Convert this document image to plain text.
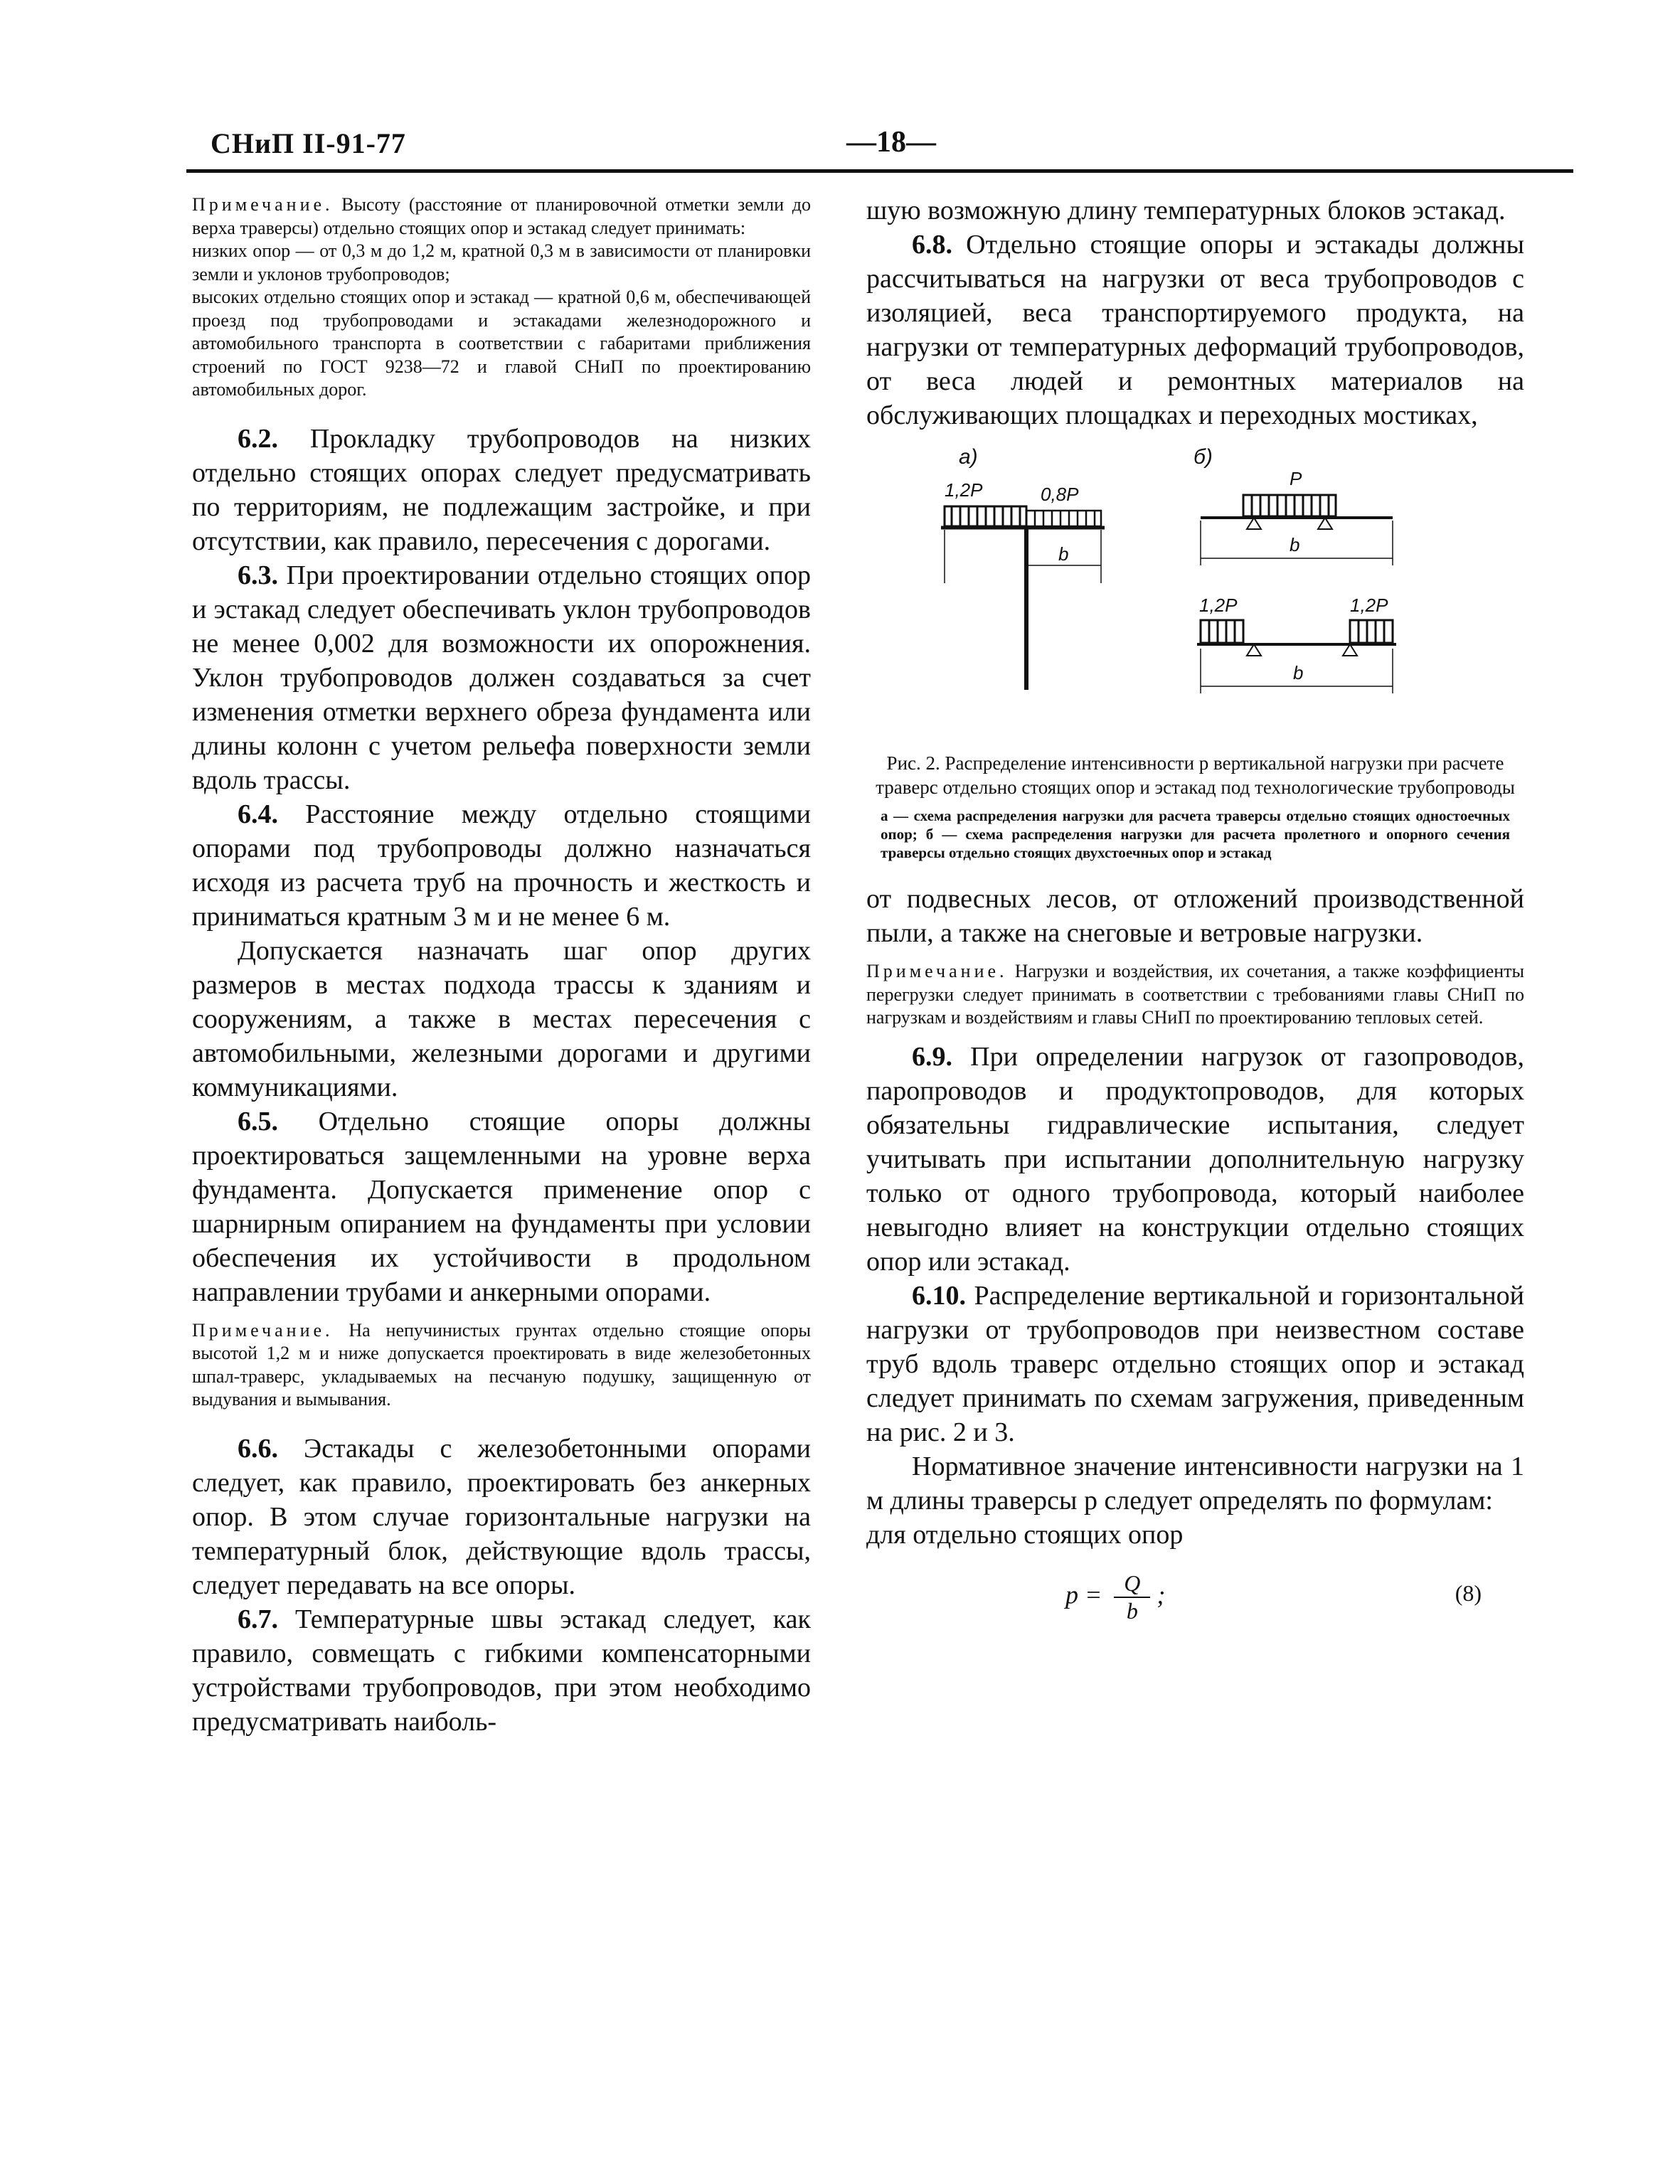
СНиП II-91-77	—18—

Примечание. Высоту (расстояние от планировочной отметки земли до верха траверсы) отдельно стоящих опор и эстакад следует принимать:
низких опор — от 0,3 м до 1,2 м, кратной 0,3 м в зависимости от планировки земли и уклонов трубопроводов;
высоких отдельно стоящих опор и эстакад — кратной 0,6 м, обеспечивающей проезд под трубопроводами и эстакадами железнодорожного и автомобильного транспорта в соответствии с габаритами приближения строений по ГОСТ 9238—72 и главой СНиП по проектированию автомобильных дорог.

6.2. Прокладку трубопроводов на низких отдельно стоящих опорах следует предусматривать по территориям, не подлежащим застройке, и при отсутствии, как правило, пересечения с дорогами.

6.3. При проектировании отдельно стоящих опор и эстакад следует обеспечивать уклон трубопроводов не менее 0,002 для возможности их опорожнения. Уклон трубопроводов должен создаваться за счет изменения отметки верхнего обреза фундамента или длины колонн с учетом рельефа поверхности земли вдоль трассы.

6.4. Расстояние между отдельно стоящими опорами под трубопроводы должно назначаться исходя из расчета труб на прочность и жесткость и приниматься кратным 3 м и не менее 6 м.

Допускается назначать шаг опор других размеров в местах подхода трассы к зданиям и сооружениям, а также в местах пересечения с автомобильными, железными дорогами и другими коммуникациями.

6.5. Отдельно стоящие опоры должны проектироваться защемленными на уровне верха фундамента. Допускается применение опор с шарнирным опиранием на фундаменты при условии обеспечения их устойчивости в продольном направлении трубами и анкерными опорами.

Примечание. На непучинистых грунтах отдельно стоящие опоры высотой 1,2 м и ниже допускается проектировать в виде железобетонных шпал-траверс, укладываемых на песчаную подушку, защищенную от выдувания и вымывания.

6.6. Эстакады с железобетонными опорами следует, как правило, проектировать без анкерных опор. В этом случае горизонтальные нагрузки на температурный блок, действующие вдоль трассы, следует передавать на все опоры.

6.7. Температурные швы эстакад следует, как правило, совмещать с гибкими компенсаторными устройствами трубопроводов, при этом необходимо предусматривать наиболь-

шую возможную длину температурных блоков эстакад.

6.8. Отдельно стоящие опоры и эстакады должны рассчитываться на нагрузки от веса трубопроводов с изоляцией, веса транспортируемого продукта, на нагрузки от температурных деформаций трубопроводов, от веса людей и ремонтных материалов на обслуживающих площадках и переходных мостиках,

а)
1,2P	0,8P
b
б)
P
b
1,2P	1,2P
b

Рис. 2. Распределение интенсивности p вертикальной нагрузки при расчете траверс отдельно стоящих опор и эстакад под технологические трубопроводы

а — схема распределения нагрузки для расчета траверсы отдельно стоящих одностоечных опор; б — схема распределения нагрузки для расчета пролетного и опорного сечения траверсы отдельно стоящих двухстоечных опор и эстакад

от подвесных лесов, от отложений производственной пыли, а также на снеговые и ветровые нагрузки.

Примечание. Нагрузки и воздействия, их сочетания, а также коэффициенты перегрузки следует принимать в соответствии с требованиями главы СНиП по нагрузкам и воздействиям и главы СНиП по проектированию тепловых сетей.

6.9. При определении нагрузок от газопроводов, паропроводов и продуктопроводов, для которых обязательны гидравлические испытания, следует учитывать при испытании дополнительную нагрузку только от одного трубопровода, который наиболее невыгодно влияет на конструкции отдельно стоящих опор или эстакад.

6.10. Распределение вертикальной и горизонтальной нагрузки от трубопроводов при неизвестном составе труб вдоль траверс отдельно стоящих опор и эстакад следует принимать по схемам загружения, приведенным на рис. 2 и 3.

Нормативное значение интенсивности нагрузки на 1 м длины траверсы p следует определять по формулам:

для отдельно стоящих опор

$p = \frac{Q}{b}$ ;	(8)
